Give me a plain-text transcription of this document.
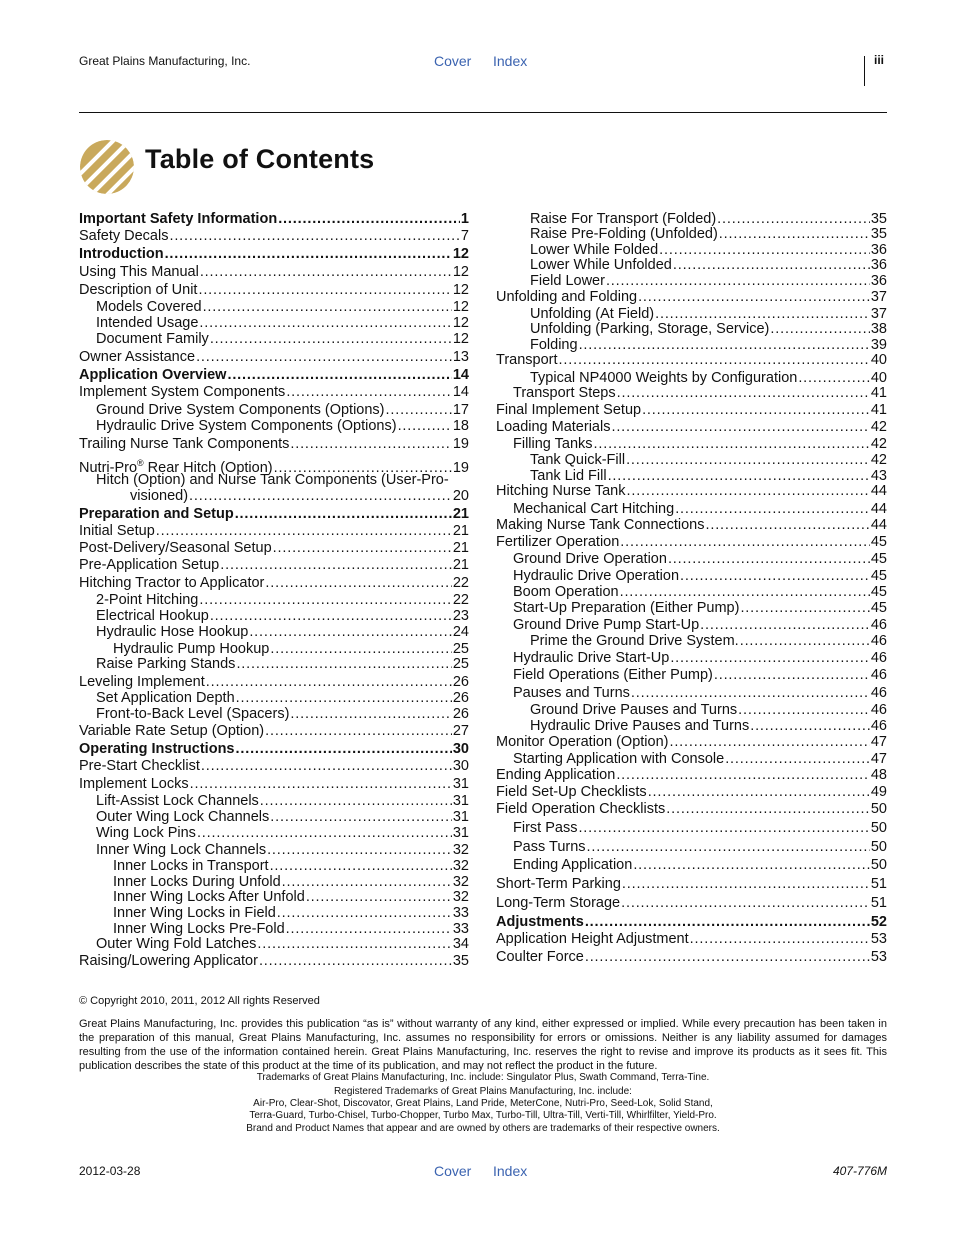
Great Plains Manufacturing, Inc.	Cover Index	iii
Table of Contents
Important Safety Information . . .	1
Safety Decals . . .	7
Introduction . . .	12
Using This Manual . . .	12
Description of Unit . . .	12
Models Covered . . .	12
Intended Usage . . .	12
Document Family . . .	12
Owner Assistance . . .	13
Application Overview . . .	14
Implement System Components . . .	14
Ground Drive System Components (Options) . . .	17
Hydraulic Drive System Components (Options) . . .	18
Trailing Nurse Tank Components . . .	19
Nutri-Pro® Rear Hitch (Option) . . .	19
Hitch (Option) and Nurse Tank Components (User-Pro-
visioned) . . .	20
Preparation and Setup . . .	21
Initial Setup . . .	21
Post-Delivery/Seasonal Setup . . .	21
Pre-Application Setup . . .	21
Hitching Tractor to Applicator . . .	22
2-Point Hitching . . .	22
Electrical Hookup . . .	23
Hydraulic Hose Hookup . . .	24
Hydraulic Pump Hookup . . .	25
Raise Parking Stands . . .	25
Leveling Implement . . .	26
Set Application Depth . . .	26
Front-to-Back Level (Spacers) . . .	26
Variable Rate Setup (Option) . . .	27
Operating Instructions . . .	30
Pre-Start Checklist . . .	30
Implement Locks . . .	31
Lift-Assist Lock Channels . . .	31
Outer Wing Lock Channels . . .	31
Wing Lock Pins . . .	31
Inner Wing Lock Channels . . .	32
Inner Locks in Transport . . .	32
Inner Locks During Unfold . . .	32
Inner Wing Locks After Unfold . . .	32
Inner Wing Locks in Field . . .	33
Inner Wing Locks Pre-Fold . . .	33
Outer Wing Fold Latches . . .	34
Raising/Lowering Applicator . . .	35
Raise For Transport (Folded) . . .	35
Raise Pre-Folding (Unfolded) . . .	35
Lower While Folded . . .	36
Lower While Unfolded . . .	36
Field Lower . . .	36
Unfolding and Folding . . .	37
Unfolding (At Field) . . .	37
Unfolding (Parking, Storage, Service) . . .	38
Folding . . .	39
Transport . . .	40
Typical NP4000 Weights by Configuration . . .	40
Transport Steps . . .	41
Final Implement Setup . . .	41
Loading Materials . . .	42
Filling Tanks . . .	42
Tank Quick-Fill . . .	42
Tank Lid Fill . . .	43
Hitching Nurse Tank . . .	44
Mechanical Cart Hitching . . .	44
Making Nurse Tank Connections . . .	44
Fertilizer Operation . . .	45
Ground Drive Operation . . .	45
Hydraulic Drive Operation . . .	45
Boom Operation . . .	45
Start-Up Preparation (Either Pump) . . .	45
Ground Drive Pump Start-Up . . .	46
Prime the Ground Drive System. . . .	46
Hydraulic Drive Start-Up . . .	46
Field Operations (Either Pump) . . .	46
Pauses and Turns . . .	46
Ground Drive Pauses and Turns . . .	46
Hydraulic Drive Pauses and Turns . . .	46
Monitor Operation (Option) . . .	47
Starting Application with Console . . .	47
Ending Application . . .	48
Field Set-Up Checklists . . .	49
Field Operation Checklists . . .	50
First Pass . . .	50
Pass Turns . . .	50
Ending Application . . .	50
Short-Term Parking . . .	51
Long-Term Storage . . .	51
Adjustments . . .	52
Application Height Adjustment . . .	53
Coulter Force . . .	53
© Copyright 2010, 2011, 2012 All rights Reserved
Great Plains Manufacturing, Inc. provides this publication “as is” without warranty of any kind, either expressed or implied. While every precaution has been taken in the preparation of this manual, Great Plains Manufacturing, Inc. assumes no responsibility for errors or omissions. Neither is any liability assumed for damages resulting from the use of the information contained herein. Great Plains Manufacturing, Inc. reserves the right to revise and improve its products as it sees fit. This publication describes the state of this product at the time of its publication, and may not reflect the product in the future.
Trademarks of Great Plains Manufacturing, Inc. include: Singulator Plus, Swath Command, Terra-Tine.
Registered Trademarks of Great Plains Manufacturing, Inc. include:
Air-Pro, Clear-Shot, Discovator, Great Plains, Land Pride, MeterCone, Nutri-Pro, Seed-Lok, Solid Stand,
Terra-Guard, Turbo-Chisel, Turbo-Chopper, Turbo Max, Turbo-Till, Ultra-Till, Verti-Till, Whirlfilter, Yield-Pro.
Brand and Product Names that appear and are owned by others are trademarks of their respective owners.
2012-03-28	Cover Index	407-776M
